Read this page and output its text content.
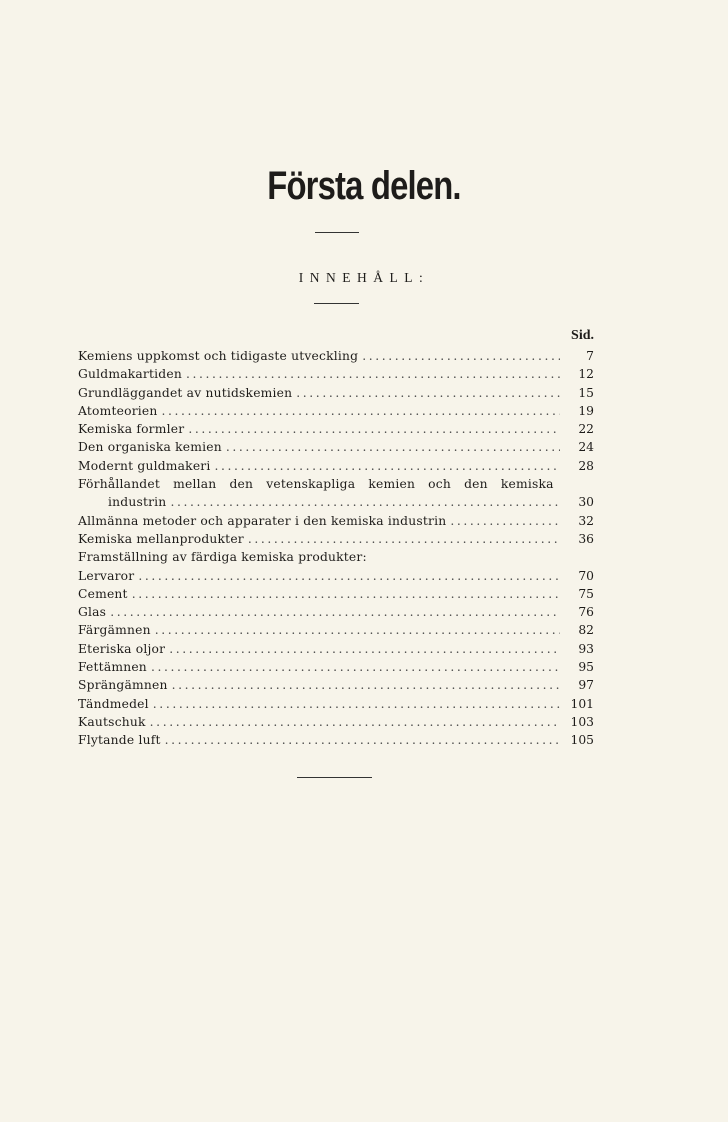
Första delen.
INNEHÅLL:
Sid.
Kemiens uppkomst och tidigaste utveckling .....	7
Guldmakartiden .....	12
Grundläggandet av nutidskemien .....	15
Atomteorien .....	19
Kemiska formler .....	22
Den organiska kemien .....	24
Modernt guldmakeri .....	28
Förhållandet mellan den vetenskapliga kemien och den kemiska
industrin .....	30
Allmänna metoder och apparater i den kemiska industrin .....	32
Kemiska mellanprodukter .....	36
Framställning av färdiga kemiska produkter:
Lervaror .....	70
Cement .....	75
Glas .....	76
Färgämnen .....	82
Eteriska oljor .....	93
Fettämnen .....	95
Sprängämnen .....	97
Tändmedel .....	101
Kautschuk .....	103
Flytande luft .....	105
